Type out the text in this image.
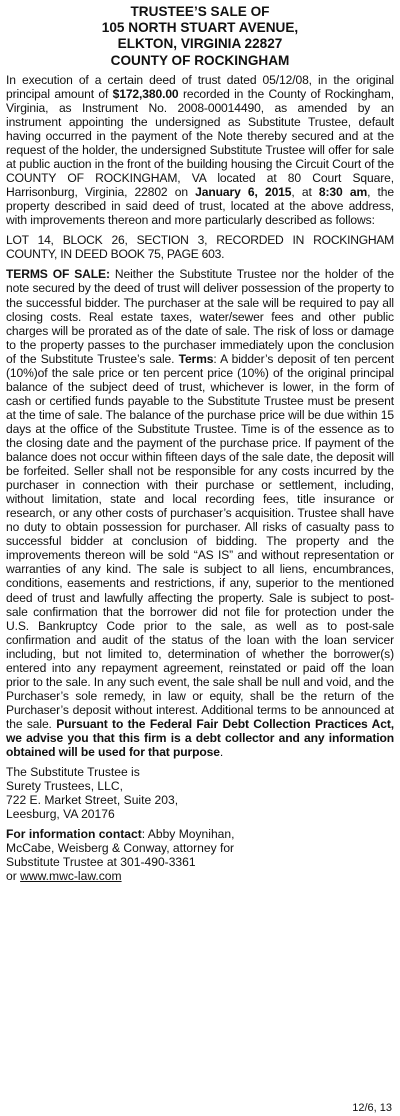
TRUSTEE’S SALE OF
105 NORTH STUART AVENUE,
ELKTON, VIRGINIA 22827
COUNTY OF ROCKINGHAM

In execution of a certain deed of trust dated 05/12/08, in the original principal amount of $172,380.00 recorded in the County of Rockingham, Virginia, as Instrument No. 2008-00014490, as amended by an instrument appointing the undersigned as Substitute Trustee, default having occurred in the payment of the Note thereby secured and at the request of the holder, the undersigned Substitute Trustee will offer for sale at public auction in the front of the building housing the Circuit Court of the COUNTY OF ROCKINGHAM, VA located at 80 Court Square, Harrisonburg, Virginia, 22802 on January 6, 2015, at 8:30 am, the property described in said deed of trust, located at the above address, with improvements thereon and more particularly described as follows:

LOT 14, BLOCK 26, SECTION 3, RECORDED IN ROCKINGHAM COUNTY, IN DEED BOOK 75, PAGE 603.

TERMS OF SALE: Neither the Substitute Trustee nor the holder of the note secured by the deed of trust will deliver possession of the property to the successful bidder. The purchaser at the sale will be required to pay all closing costs. Real estate taxes, water/sewer fees and other public charges will be prorated as of the date of sale. The risk of loss or damage to the property passes to the purchaser immediately upon the conclusion of the Substitute Trustee’s sale. Terms: A bidder’s deposit of ten percent (10%)of the sale price or ten percent price (10%) of the original principal balance of the subject deed of trust, whichever is lower, in the form of cash or certified funds payable to the Substitute Trustee must be present at the time of sale. The balance of the purchase price will be due within 15 days at the office of the Substitute Trustee. Time is of the essence as to the closing date and the payment of the purchase price. If payment of the balance does not occur within fifteen days of the sale date, the deposit will be forfeited. Seller shall not be responsible for any costs incurred by the purchaser in connection with their purchase or settlement, including, without limitation, state and local recording fees, title insurance or research, or any other costs of purchaser’s acquisition. Trustee shall have no duty to obtain possession for purchaser. All risks of casualty pass to successful bidder at conclusion of bidding. The property and the improvements thereon will be sold “AS IS” and without representation or warranties of any kind. The sale is subject to all liens, encumbrances, conditions, easements and restrictions, if any, superior to the mentioned deed of trust and lawfully affecting the property. Sale is subject to post-sale confirmation that the borrower did not file for protection under the U.S. Bankruptcy Code prior to the sale, as well as to post-sale confirmation and audit of the status of the loan with the loan servicer including, but not limited to, determination of whether the borrower(s) entered into any repayment agreement, reinstated or paid off the loan prior to the sale. In any such event, the sale shall be null and void, and the Purchaser’s sole remedy, in law or equity, shall be the return of the Purchaser’s deposit without interest. Additional terms to be announced at the sale. Pursuant to the Federal Fair Debt Collection Practices Act, we advise you that this firm is a debt collector and any information obtained will be used for that purpose.

The Substitute Trustee is
Surety Trustees, LLC,
722 E. Market Street, Suite 203,
Leesburg, VA 20176
For information contact: Abby Moynihan,
McCabe, Weisberg & Conway, attorney for
Substitute Trustee at 301-490-3361
or www.mwc-law.com
12/6, 13
